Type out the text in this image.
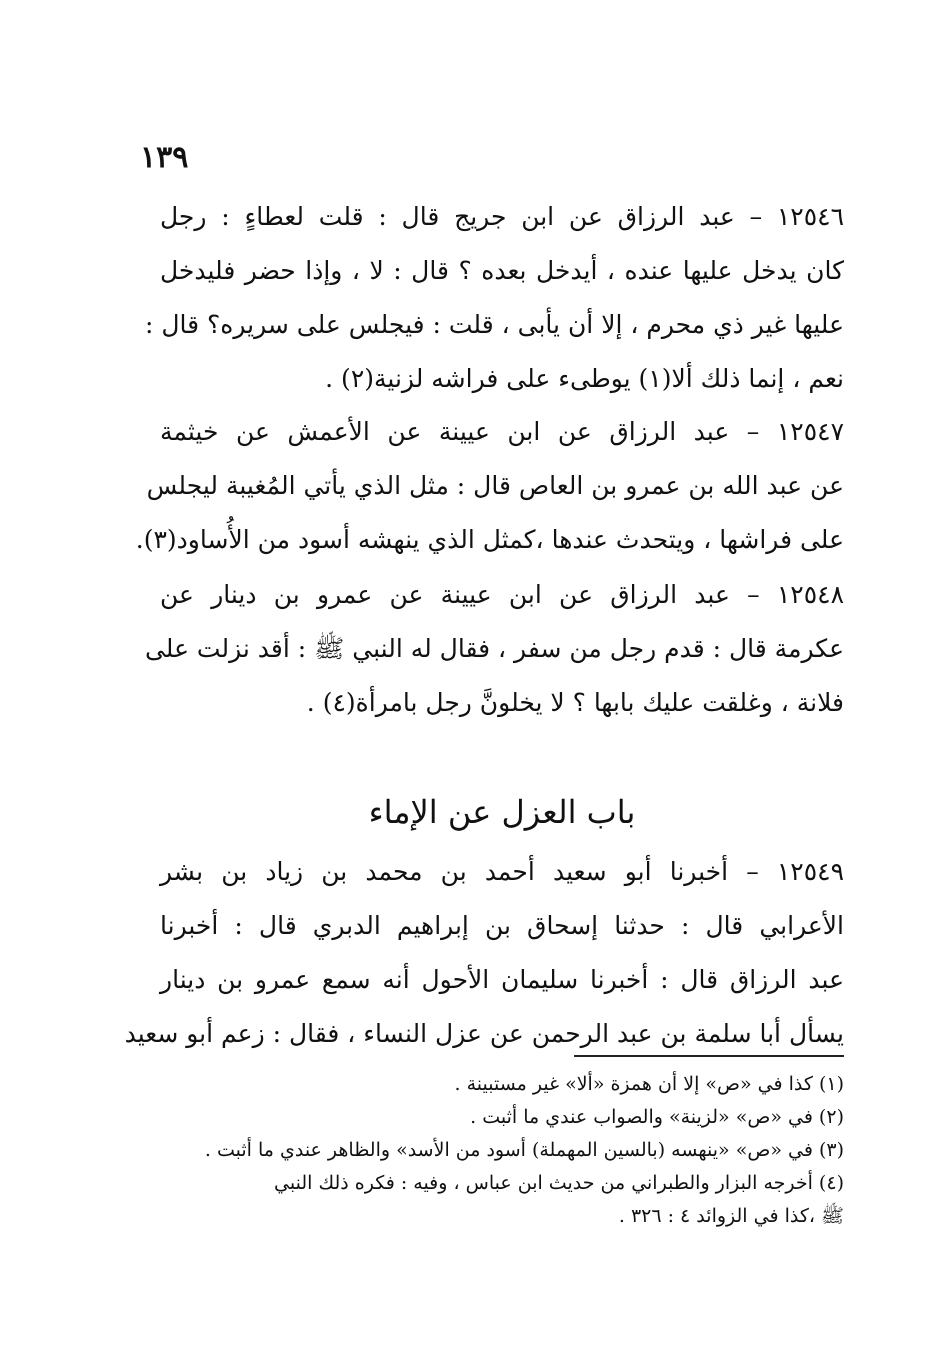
١٣٩
١٢٥٤٦ – عبد الرزاق عن ابن جريج قال : قلت لعطاءٍ : رجل
كان يدخل عليها عنده ، أيدخل بعده ؟ قال : لا ، وإذا حضر فليدخل
عليها غير ذي محرم ، إلا أن يأبى ، قلت : فيجلس على سريره؟ قال :
نعم ، إنما ذلك ألا(١) يوطىء على فراشه لزنية(٢) .
١٢٥٤٧ – عبد الرزاق عن ابن عيينة عن الأعمش عن خيثمة
عن عبد الله بن عمرو بن العاص قال : مثل الذي يأتي المُغيبة ليجلس
على فراشها ، ويتحدث عندها ،كمثل الذي ينهشه أسود من الأُساود(٣).
١٢٥٤٨ – عبد الرزاق عن ابن عيينة عن عمرو بن دينار عن
عكرمة قال : قدم رجل من سفر ، فقال له النبي ﷺ : أقد نزلت على
فلانة ، وغلقت عليك بابها ؟ لا يخلونَّ رجل بامرأة(٤) .
باب العزل عن الإماء
١٢٥٤٩ – أخبرنا أبو سعيد أحمد بن محمد بن زياد بن بشر
الأعرابي قال : حدثنا إسحاق بن إبراهيم الدبري قال : أخبرنا
عبد الرزاق قال : أخبرنا سليمان الأحول أنه سمع عمرو بن دينار
يسأل أبا سلمة بن عبد الرحمن عن عزل النساء ، فقال : زعم أبو سعيد
(١) كذا في «ص» إلا أن همزة «ألا» غير مستبينة .
(٢) في «ص» «لزينة» والصواب عندي ما أثبت .
(٣) في «ص» «ينهسه (بالسين المهملة) أسود من الأسد» والظاهر عندي ما أثبت .
(٤) أخرجه البزار والطبراني من حديث ابن عباس ، وفيه : فكره ذلك النبي
ﷺ ،كذا في الزوائد ٤ : ٣٢٦ .
